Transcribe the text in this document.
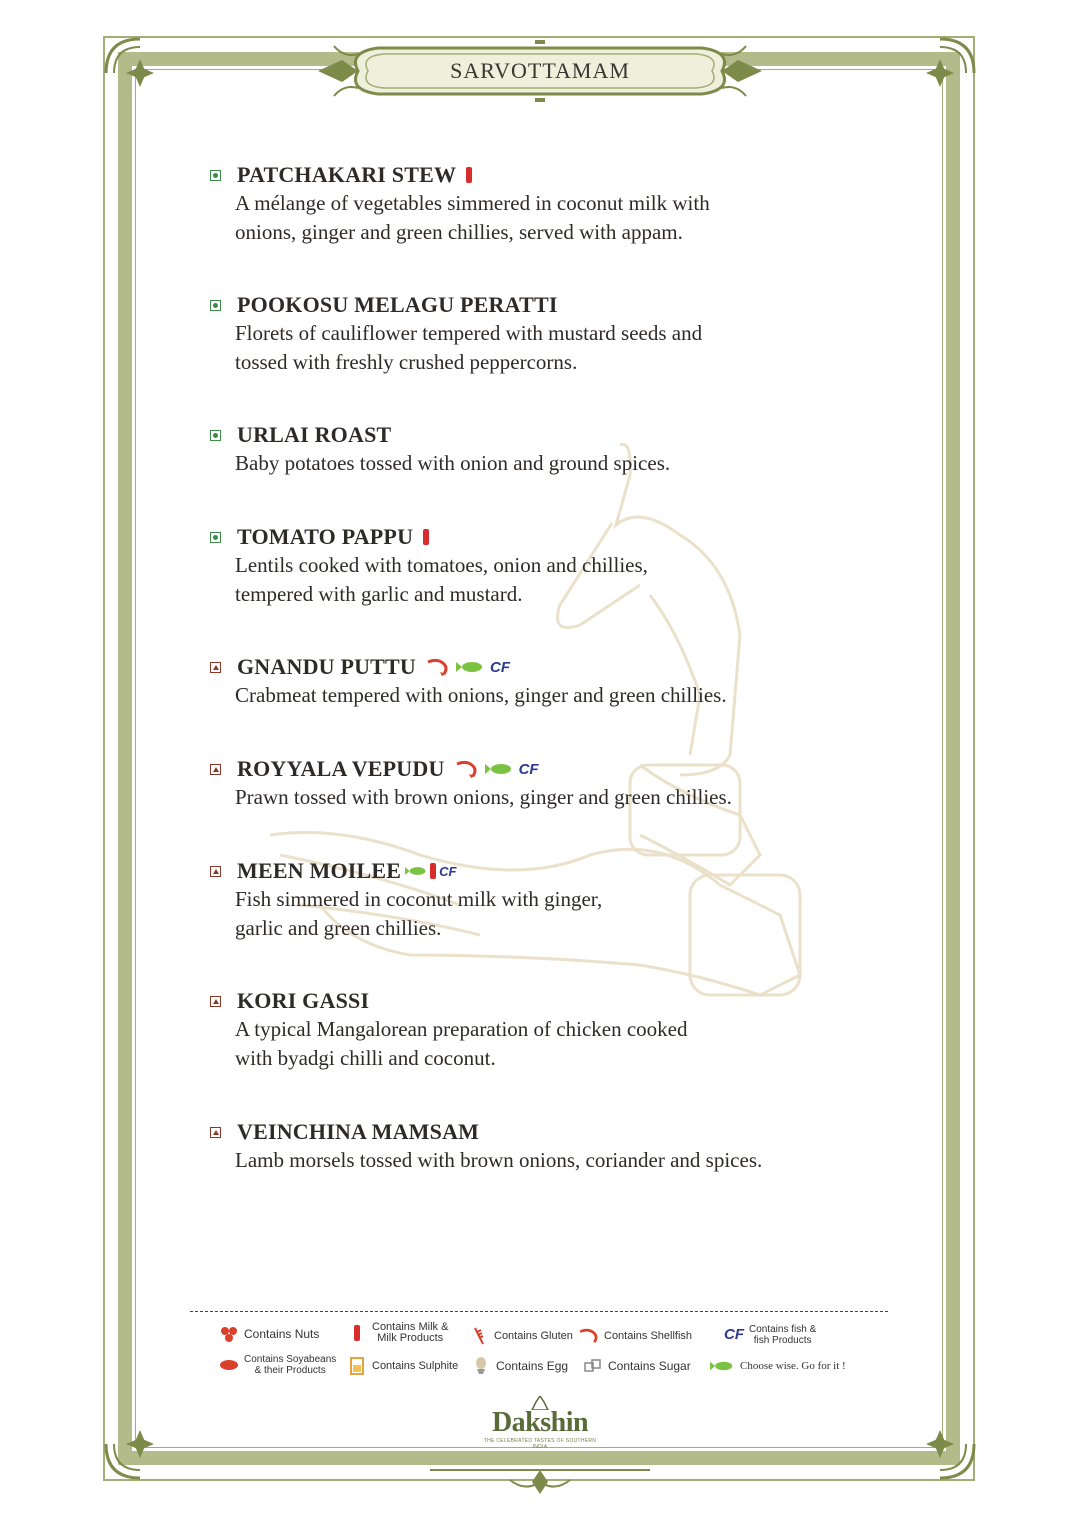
SARVOTTAMAM
PATCHAKARI STEW
A mélange of vegetables simmered in coconut milk with
onions, ginger and green chillies, served with appam.
POOKOSU MELAGU PERATTI
Florets of cauliflower tempered with mustard seeds and
tossed with freshly crushed peppercorns.
URLAI ROAST
Baby potatoes tossed with onion and ground spices.
TOMATO PAPPU
Lentils cooked with tomatoes, onion and chillies,
tempered with garlic and mustard.
GNANDU PUTTU	CF
Crabmeat tempered with onions, ginger and green chillies.
ROYYALA VEPUDU	CF
Prawn tossed with brown onions, ginger and green chillies.
MEEN MOILEE	CF
Fish simmered in coconut milk with ginger,
garlic and green chillies.
KORI GASSI
A typical Mangalorean preparation of chicken cooked
with byadgi chilli and coconut.
VEINCHINA MAMSAM
Lamb morsels tossed with brown onions, coriander and spices.
Contains Nuts	Contains Milk &
Milk Products	Contains Gluten	Contains Shellfish CF Contains fish &
fish Products
Contains Soyabeans
& their Products	Contains Sulphite	Contains Egg	Contains Sugar	Choose wise. Go for it !
Dakshin
THE CELEBRATED TASTES OF SOUTHERN INDIA
